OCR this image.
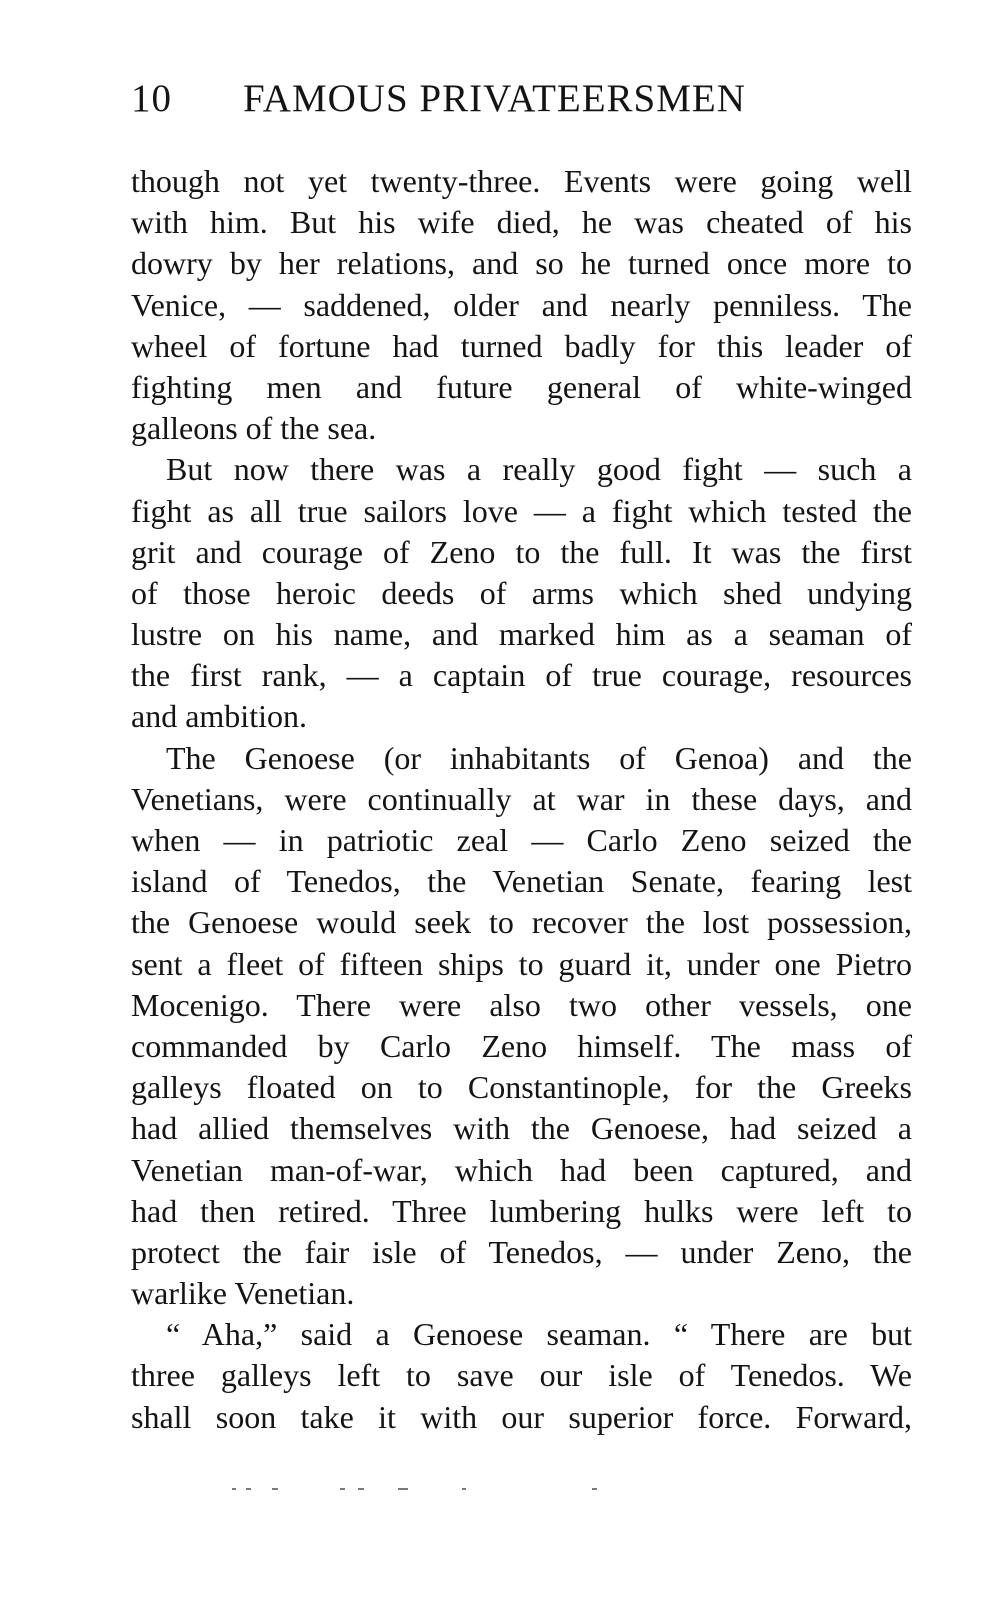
10 FAMOUS PRIVATEERSMEN
though not yet twenty-three. Events were going well
with him. But his wife died, he was cheated of his
dowry by her relations, and so he turned once more to
Venice, — saddened, older and nearly penniless. The
wheel of fortune had turned badly for this leader of
fighting men and future general of white-winged
galleons of the sea.
But now there was a really good fight — such a
fight as all true sailors love — a fight which tested the
grit and courage of Zeno to the full. It was the first
of those heroic deeds of arms which shed undying
lustre on his name, and marked him as a seaman of
the first rank, — a captain of true courage, resources
and ambition.
The Genoese (or inhabitants of Genoa) and the
Venetians, were continually at war in these days, and
when — in patriotic zeal — Carlo Zeno seized the
island of Tenedos, the Venetian Senate, fearing lest
the Genoese would seek to recover the lost possession,
sent a fleet of fifteen ships to guard it, under one Pietro
Mocenigo. There were also two other vessels, one
commanded by Carlo Zeno himself. The mass of
galleys floated on to Constantinople, for the Greeks
had allied themselves with the Genoese, had seized a
Venetian man-of-war, which had been captured, and
had then retired. Three lumbering hulks were left to
protect the fair isle of Tenedos, — under Zeno, the
warlike Venetian.
“ Aha,” said a Genoese seaman. “ There are but
three galleys left to save our isle of Tenedos. We
shall soon take it with our superior force. Forward,
